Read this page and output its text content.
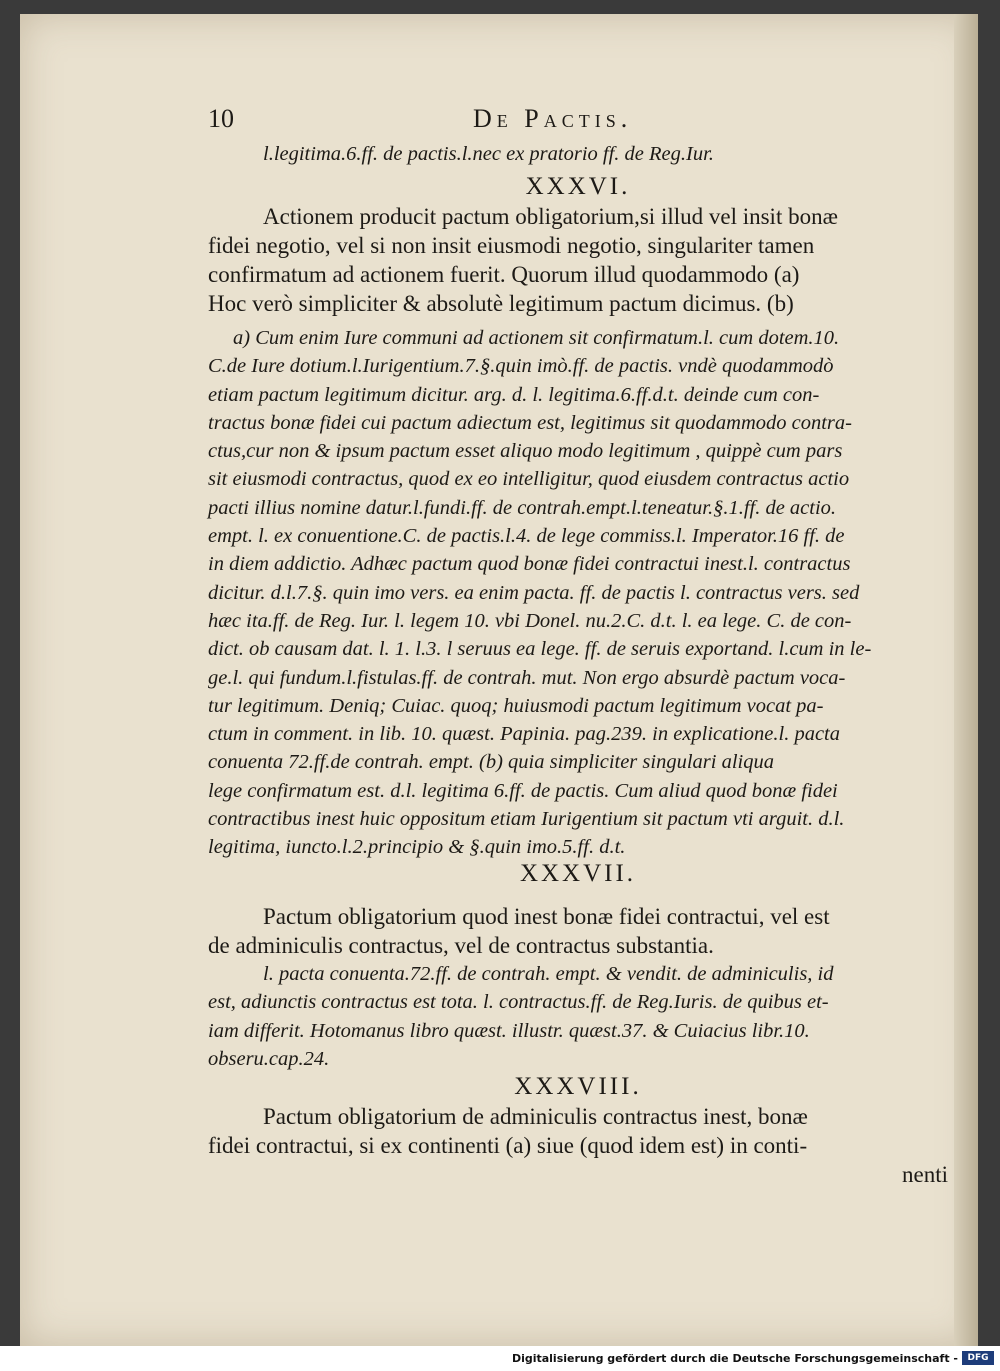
10	De Pactis.
l.legitima.6.ff. de pactis.l.nec ex pratorio ff. de Reg.Iur.
XXXVI.
Actionem producit pactum obligatorium,si illud vel insit bonæ
fidei negotio, vel si non insit eiusmodi negotio, singulariter tamen
confirmatum ad actionem fuerit. Quorum illud quodammodo (a)
Hoc verò simpliciter & absolutè legitimum pactum dicimus. (b)
a) Cum enim Iure communi ad actionem sit confirmatum.l. cum dotem.10.
C.de Iure dotium.l.Iurigentium.7.§.quin imò.ff. de pactis. vndè quodammodò
etiam pactum legitimum dicitur. arg. d. l. legitima.6.ff.d.t. deinde cum con-
tractus bonæ fidei cui pactum adiectum est, legitimus sit quodammodo contra-
ctus,cur non & ipsum pactum esset aliquo modo legitimum , quippè cum pars
sit eiusmodi contractus, quod ex eo intelligitur, quod eiusdem contractus actio
pacti illius nomine datur.l.fundi.ff. de contrah.empt.l.teneatur.§.1.ff. de actio.
empt. l. ex conuentione.C. de pactis.l.4. de lege commiss.l. Imperator.16 ff. de
in diem addictio. Adhæc pactum quod bonæ fidei contractui inest.l. contractus
dicitur. d.l.7.§. quin imo vers. ea enim pacta. ff. de pactis l. contractus vers. sed
hæc ita.ff. de Reg. Iur. l. legem 10. vbi Donel. nu.2.C. d.t. l. ea lege. C. de con-
dict. ob causam dat. l. 1. l.3. l seruus ea lege. ff. de seruis exportand. l.cum in le-
ge.l. qui fundum.l.fistulas.ff. de contrah. mut. Non ergo absurdè pactum voca-
tur legitimum. Deniq; Cuiac. quoq; huiusmodi pactum legitimum vocat pa-
ctum in comment. in lib. 10. quæst. Papinia. pag.239. in explicatione.l. pacta
conuenta 72.ff.de contrah. empt. (b) quia simpliciter singulari aliqua
lege confirmatum est. d.l. legitima 6.ff. de pactis. Cum aliud quod bonæ fidei
contractibus inest huic oppositum etiam Iurigentium sit pactum vti arguit. d.l.
legitima, iuncto.l.2.principio & §.quin imo.5.ff. d.t.
XXXVII.
Pactum obligatorium quod inest bonæ fidei contractui, vel est
de adminiculis contractus, vel de contractus substantia.
l. pacta conuenta.72.ff. de contrah. empt. & vendit. de adminiculis, id
est, adiunctis contractus est tota. l. contractus.ff. de Reg.Iuris. de quibus et-
iam differit. Hotomanus libro quæst. illustr. quæst.37. & Cuiacius libr.10.
obseru.cap.24.
XXXVIII.
Pactum obligatorium de adminiculis contractus inest, bonæ
fidei contractui, si ex continenti (a) siue (quod idem est) in conti-
nenti
Digitalisierung gefördert durch die Deutsche Forschungsgemeinschaft -	DFG
